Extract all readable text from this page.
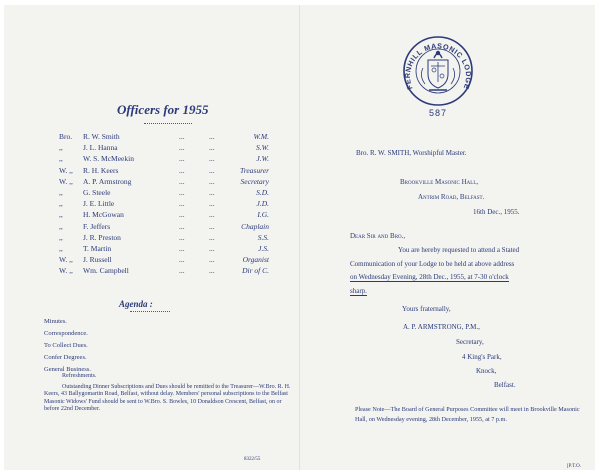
Officers for 1955
Bro.	R. W. Smith	...	...	W.M.
,,	J. L. Hanna	...	...	S.W.
,,	W. S. McMeekin	...	...	J.W.
W. ,,	R. H. Keers	...	...	Treasurer
W. ,,	A. P. Armstrong	...	...	Secretary
,,	G. Steele	...	...	S.D.
,,	J. E. Little	...	...	J.D.
,,	H. McGowan	...	...	I.G.
,,	F. Jeffers	...	...	Chaplain
,,	J. R. Preston	...	...	S.S.
,,	T. Martin	...	...	J.S.
W. ,,	J. Russell	...	...	Organist
W. ,,	Wm. Campbell	...	...	Dir of C.
Agenda :
Minutes.
Correspondence.
To Collect Dues.
Confer Degrees.
General Business.

Refreshments.

Outstanding Dinner Subscriptions and Dues should be remitted to the Treasurer—W.Bro. R. H. Keers, 43 Ballygomartin Road, Belfast, without delay. Members' personal subscriptions to the Belfast Masonic Widows' Fund should be sent to W.Bro. S. Bowles, 10 Donaldson Crescent, Belfast, on or before 22nd December.

8322/55
FERNHILL MASONIC LODGE
587
Bro. R. W. SMITH, Worshipful Master.
Brookville Masonic Hall,
Antrim Road, Belfast.
16th Dec., 1955.
Dear Sir and Bro.,
You are hereby requested to attend a Stated
Communication of your Lodge to be held at above address
on Wednesday Evening, 28th Dec., 1955, at 7-30 o'clock
sharp.
Yours fraternally,
A. P. ARMSTRONG, P.M.,
Secretary,
4 King's Park,
Knock,
Belfast.
Please Note—The Board of General Purposes Committee will meet in Brookville Masonic Hall, on Wednesday evening, 28th December, 1955, at 7 p.m.
[P.T.O.
